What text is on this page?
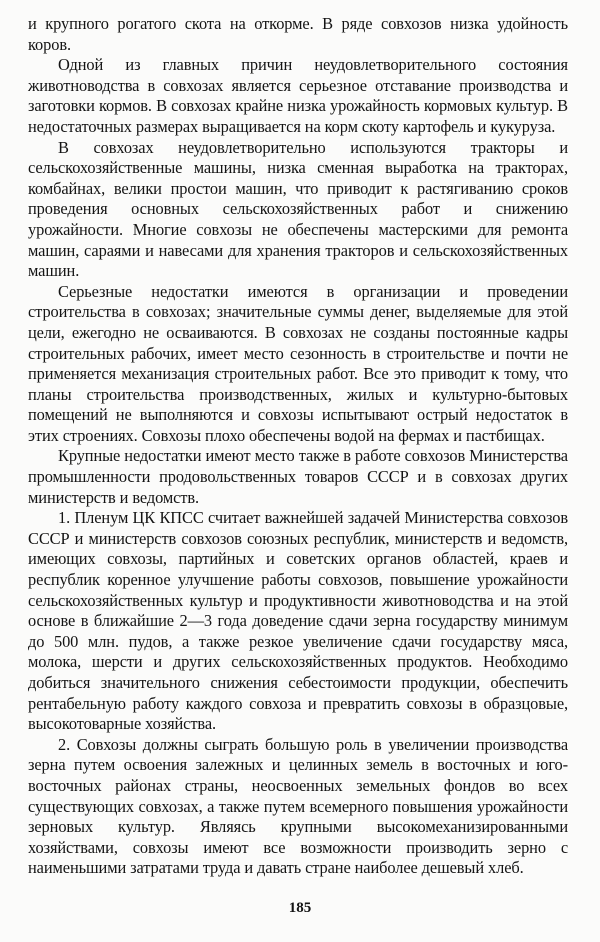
и крупного рогатого скота на откорме. В ряде совхозов низка удойность коров.

Одной из главных причин неудовлетворительного состояния животноводства в совхозах является серьезное отставание производства и заготовки кормов. В совхозах крайне низка урожайность кормовых культур. В недостаточных размерах выращивается на корм скоту картофель и кукуруза.

В совхозах неудовлетворительно используются тракторы и сельскохозяйственные машины, низка сменная выработка на тракторах, комбайнах, велики простои машин, что приводит к растягиванию сроков проведения основных сельскохозяйственных работ и снижению урожайности. Многие совхозы не обеспечены мастерскими для ремонта машин, сараями и навесами для хранения тракторов и сельскохозяйственных машин.

Серьезные недостатки имеются в организации и проведении строительства в совхозах; значительные суммы денег, выделяемые для этой цели, ежегодно не осваиваются. В совхозах не созданы постоянные кадры строительных рабочих, имеет место сезонность в строительстве и почти не применяется механизация строительных работ. Все это приводит к тому, что планы строительства производственных, жилых и культурно-бытовых помещений не выполняются и совхозы испытывают острый недостаток в этих строениях. Совхозы плохо обеспечены водой на фермах и пастбищах.

Крупные недостатки имеют место также в работе совхозов Министерства промышленности продовольственных товаров СССР и в совхозах других министерств и ведомств.

1. Пленум ЦК КПСС считает важнейшей задачей Министерства совхозов СССР и министерств совхозов союзных республик, министерств и ведомств, имеющих совхозы, партийных и советских органов областей, краев и республик коренное улучшение работы совхозов, повышение урожайности сельскохозяйственных культур и продуктивности животноводства и на этой основе в ближайшие 2—3 года доведение сдачи зерна государству минимум до 500 млн. пудов, а также резкое увеличение сдачи государству мяса, молока, шерсти и других сельскохозяйственных продуктов. Необходимо добиться значительного снижения себестоимости продукции, обеспечить рентабельную работу каждого совхоза и превратить совхозы в образцовые, высокотоварные хозяйства.

2. Совхозы должны сыграть большую роль в увеличении производства зерна путем освоения залежных и целинных земель в восточных и юго-восточных районах страны, неосвоенных земельных фондов во всех существующих совхозах, а также путем всемерного повышения урожайности зерновых культур. Являясь крупными высокомеханизированными хозяйствами, совхозы имеют все возможности производить зерно с наименьшими затратами труда и давать стране наиболее дешевый хлеб.

185
